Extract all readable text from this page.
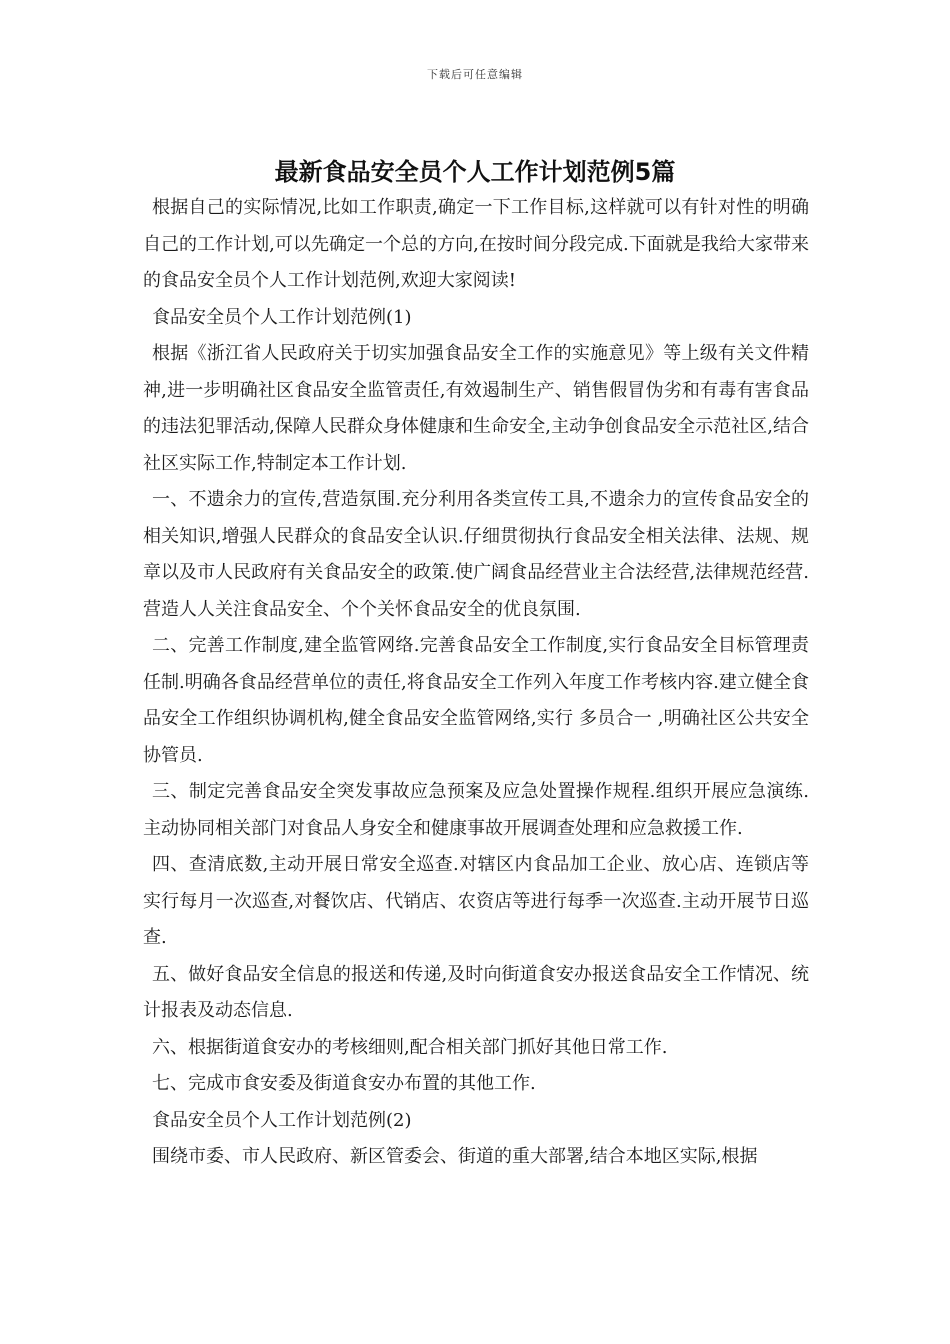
下载后可任意编辑
最新食品安全员个人工作计划范例5篇

根据自己的实际情况,比如工作职责,确定一下工作目标,这样就可以有针对性的明确自己的工作计划,可以先确定一个总的方向,在按时间分段完成.下面就是我给大家带来的食品安全员个人工作计划范例,欢迎大家阅读!

食品安全员个人工作计划范例(1)

根据《浙江省人民政府关于切实加强食品安全工作的实施意见》等上级有关文件精神,进一步明确社区食品安全监管责任,有效遏制生产、销售假冒伪劣和有毒有害食品的违法犯罪活动,保障人民群众身体健康和生命安全,主动争创食品安全示范社区,结合社区实际工作,特制定本工作计划.

一、不遗余力的宣传,营造氛围.充分利用各类宣传工具,不遗余力的宣传食品安全的相关知识,增强人民群众的食品安全认识.仔细贯彻执行食品安全相关法律、法规、规章以及市人民政府有关食品安全的政策.使广阔食品经营业主合法经营,法律规范经营.营造人人关注食品安全、个个关怀食品安全的优良氛围.

二、完善工作制度,建全监管网络.完善食品安全工作制度,实行食品安全目标管理责任制.明确各食品经营单位的责任,将食品安全工作列入年度工作考核内容.建立健全食品安全工作组织协调机构,健全食品安全监管网络,实行 多员合一 ,明确社区公共安全协管员.

三、制定完善食品安全突发事故应急预案及应急处置操作规程.组织开展应急演练.主动协同相关部门对食品人身安全和健康事故开展调查处理和应急救援工作.

四、查清底数,主动开展日常安全巡查.对辖区内食品加工企业、放心店、连锁店等实行每月一次巡查,对餐饮店、代销店、农资店等进行每季一次巡查.主动开展节日巡查.

五、做好食品安全信息的报送和传递,及时向街道食安办报送食品安全工作情况、统计报表及动态信息.

六、根据街道食安办的考核细则,配合相关部门抓好其他日常工作.

七、完成市食安委及街道食安办布置的其他工作.

食品安全员个人工作计划范例(2)

围绕市委、市人民政府、新区管委会、街道的重大部署,结合本地区实际,根据
